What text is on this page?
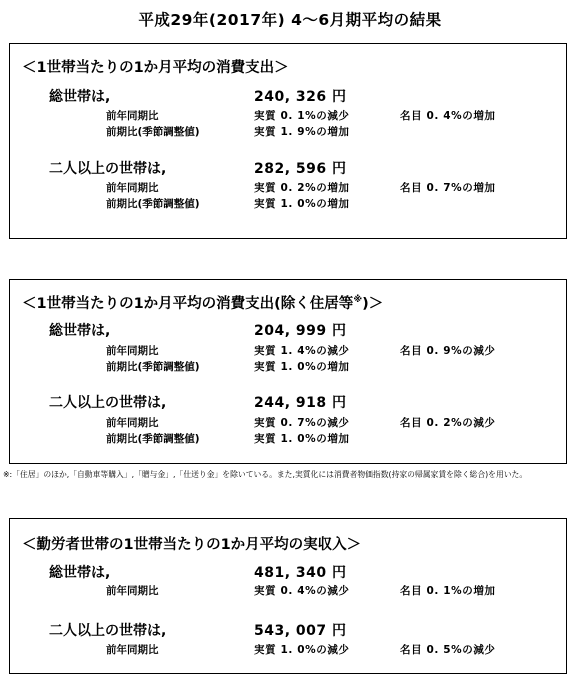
平成29年(2017年) 4～6月期平均の結果
＜1世帯当たりの1か月平均の消費支出＞
総世帯は,	240, 326 円
前年同期比	実質 0. 1%の減少	名目 0. 4%の増加
前期比(季節調整値)	実質 1. 9%の増加
二人以上の世帯は,	282, 596 円
前年同期比	実質 0. 2%の増加	名目 0. 7%の増加
前期比(季節調整値)	実質 1. 0%の増加
＜1世帯当たりの1か月平均の消費支出(除く住居等※)＞
総世帯は,	204, 999 円
前年同期比	実質 1. 4%の減少	名目 0. 9%の減少
前期比(季節調整値)	実質 1. 0%の増加
二人以上の世帯は,	244, 918 円
前年同期比	実質 0. 7%の減少	名目 0. 2%の減少
前期比(季節調整値)	実質 1. 0%の増加
※:「住居」のほか,「自動車等購入」,「贈与金」,「仕送り金」を除いている。また,実質化には消費者物価指数(持家の帰属家賃を除く総合)を用いた。
＜勤労者世帯の1世帯当たりの1か月平均の実収入＞
総世帯は,	481, 340 円
前年同期比	実質 0. 4%の減少	名目 0. 1%の増加
二人以上の世帯は,	543, 007 円
前年同期比	実質 1. 0%の減少	名目 0. 5%の減少
